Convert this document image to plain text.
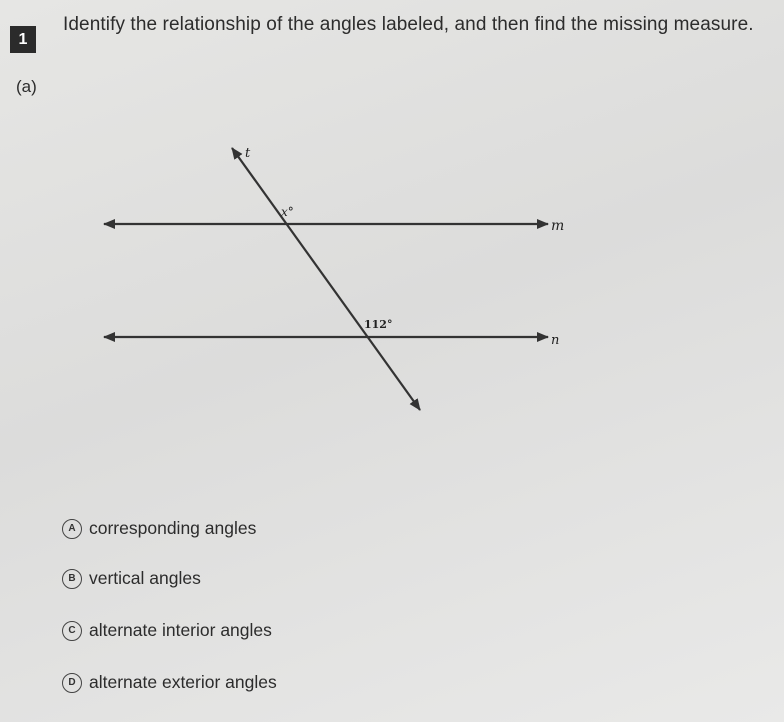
1
Identify the relationship of the angles labeled, and then find the missing measure.
(a)
t
m
n
x°
112°
A corresponding angles
B vertical angles
C alternate interior angles
D alternate exterior angles
